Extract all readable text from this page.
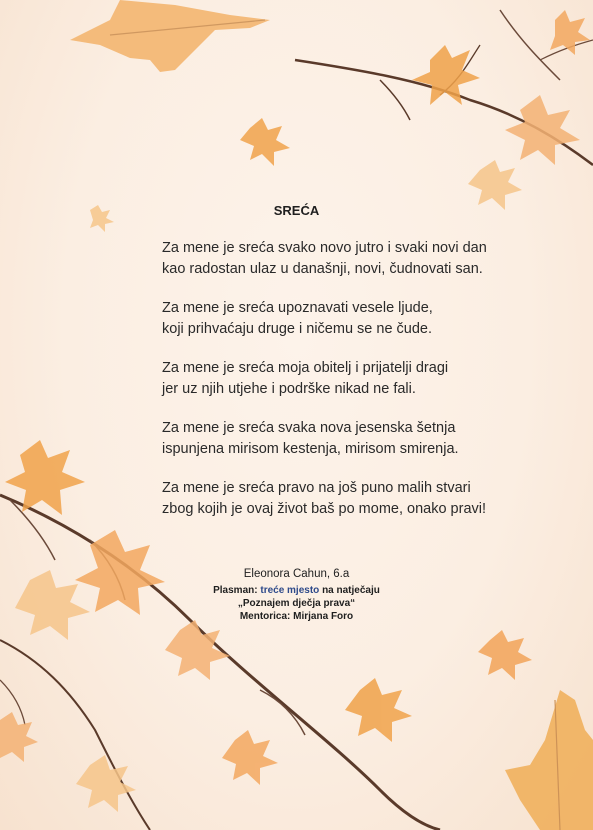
SREĆA
Za mene je sreća svako novo jutro i svaki novi dan
kao radostan ulaz u današnji, novi, čudnovati san.
Za mene je sreća upoznavati vesele ljude,
koji prihvaćaju druge i ničemu se ne čude.
Za mene je sreća moja obitelj i prijatelji dragi
jer uz njih utjehe i podrške nikad ne fali.
Za mene je sreća svaka nova jesenska šetnja
ispunjena mirisom kestenja, mirisom smirenja.
Za mene je sreća pravo na još puno malih stvari
zbog kojih je ovaj život baš po mome, onako pravi!
Eleonora Cahun, 6.a
Plasman: treće mjesto na natječaju
„Poznajem dječja prava“
Mentorica: Mirjana Foro
